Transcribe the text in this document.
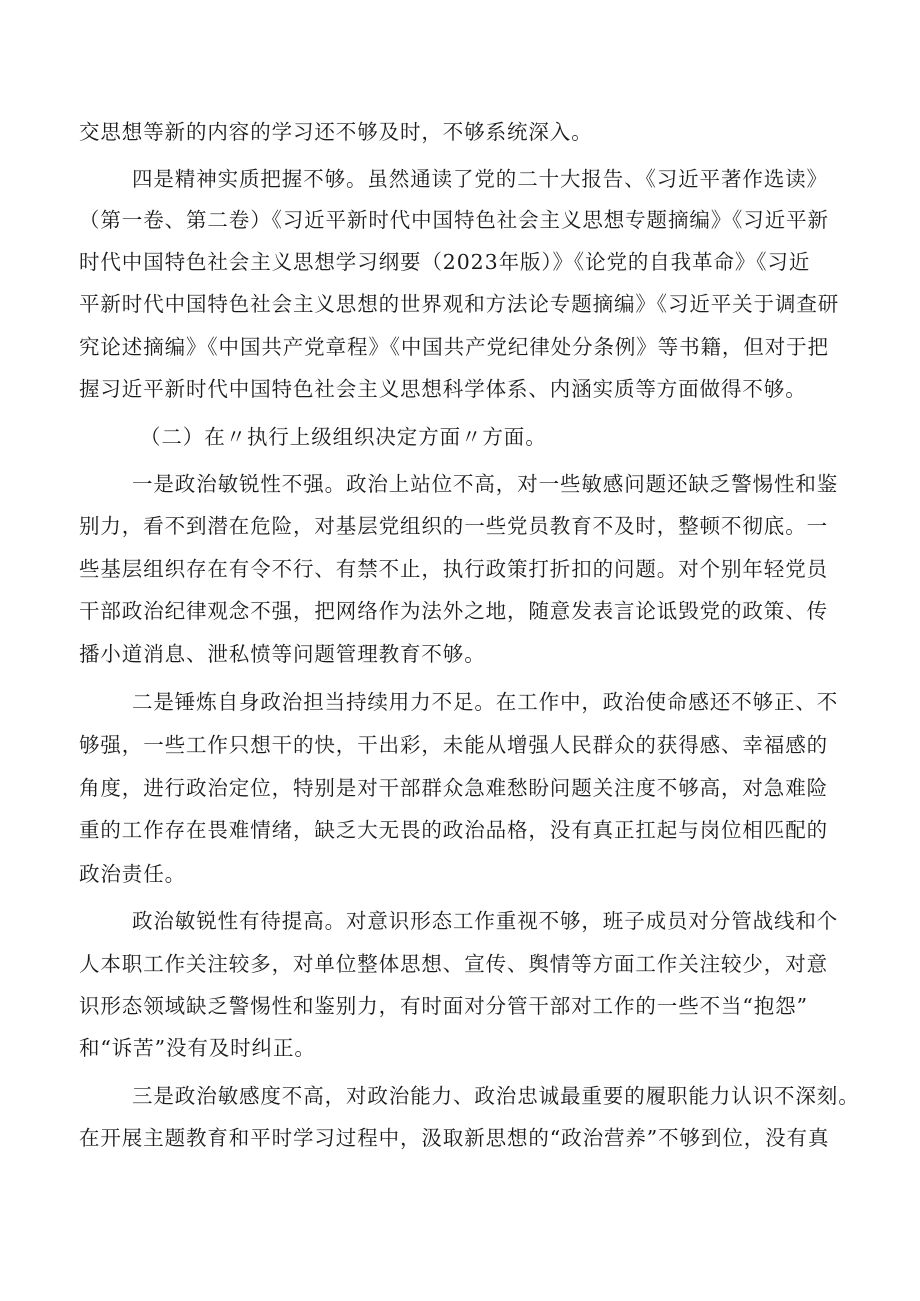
交思想等新的内容的学习还不够及时，不够系统深入。

四是精神实质把握不够。虽然通读了党的二十大报告、《习近平著作选读》

（第一卷、第二卷）《习近平新时代中国特色社会主义思想专题摘编》《习近平新

时代中国特色社会主义思想学习纲要（2023年版）》《论党的自我革命》《习近

平新时代中国特色社会主义思想的世界观和方法论专题摘编》《习近平关于调查研

究论述摘编》《中国共产党章程》《中国共产党纪律处分条例》等书籍，但对于把

握习近平新时代中国特色社会主义思想科学体系、内涵实质等方面做得不够。

（二）在〃执行上级组织决定方面〃方面。

一是政治敏锐性不强。政治上站位不高，对一些敏感问题还缺乏警惕性和鉴

别力，看不到潜在危险，对基层党组织的一些党员教育不及时，整顿不彻底。一

些基层组织存在有令不行、有禁不止，执行政策打折扣的问题。对个别年轻党员

干部政治纪律观念不强，把网络作为法外之地，随意发表言论诋毁党的政策、传

播小道消息、泄私愤等问题管理教育不够。

二是锤炼自身政治担当持续用力不足。在工作中，政治使命感还不够正、不

够强，一些工作只想干的快，干出彩，未能从增强人民群众的获得感、幸福感的

角度，进行政治定位，特别是对干部群众急难愁盼问题关注度不够高，对急难险

重的工作存在畏难情绪，缺乏大无畏的政治品格，没有真正扛起与岗位相匹配的

政治责任。

政治敏锐性有待提高。对意识形态工作重视不够，班子成员对分管战线和个

人本职工作关注较多，对单位整体思想、宣传、舆情等方面工作关注较少，对意

识形态领域缺乏警惕性和鉴别力，有时面对分管干部对工作的一些不当“抱怨”

和“诉苦”没有及时纠正。

三是政治敏感度不高，对政治能力、政治忠诚最重要的履职能力认识不深刻。

在开展主题教育和平时学习过程中，汲取新思想的“政治营养”不够到位，没有真
